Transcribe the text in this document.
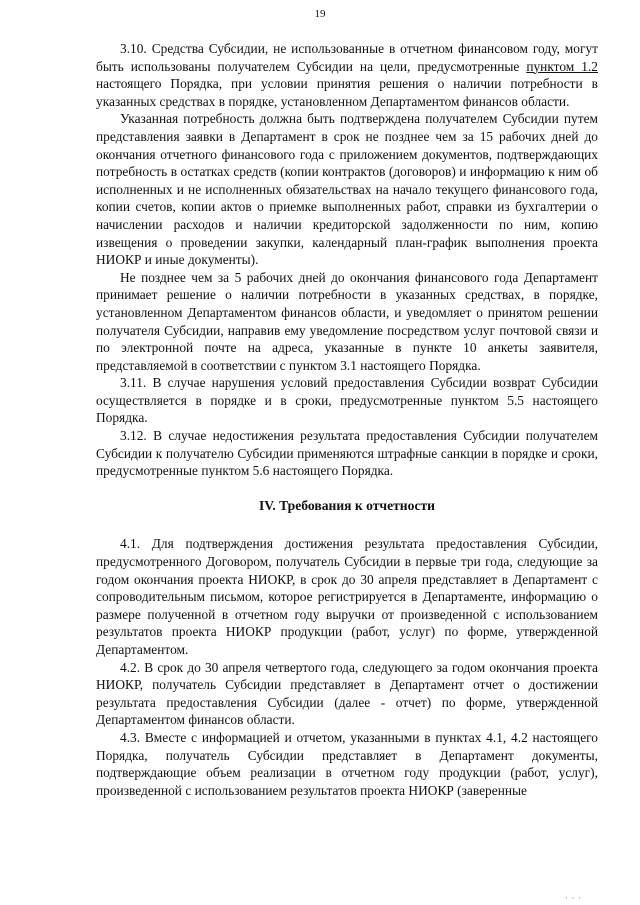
19

3.10. Средства Субсидии, не использованные в отчетном финансовом году, могут быть использованы получателем Субсидии на цели, предусмотренные пунктом 1.2 настоящего Порядка, при условии принятия решения о наличии потребности в указанных средствах в порядке, установленном Департаментом финансов области.

Указанная потребность должна быть подтверждена получателем Субсидии путем представления заявки в Департамент в срок не позднее чем за 15 рабочих дней до окончания отчетного финансового года с приложением документов, подтверждающих потребность в остатках средств (копии контрактов (договоров) и информацию к ним об исполненных и не исполненных обязательствах на начало текущего финансового года, копии счетов, копии актов о приемке выполненных работ, справки из бухгалтерии о начислении расходов и наличии кредиторской задолженности по ним, копию извещения о проведении закупки, календарный план-график выполнения проекта НИОКР и иные документы).

Не позднее чем за 5 рабочих дней до окончания финансового года Департамент принимает решение о наличии потребности в указанных средствах, в порядке, установленном Департаментом финансов области, и уведомляет о принятом решении получателя Субсидии, направив ему уведомление посредством услуг почтовой связи и по электронной почте на адреса, указанные в пункте 10 анкеты заявителя, представляемой в соответствии с пунктом 3.1 настоящего Порядка.

3.11. В случае нарушения условий предоставления Субсидии возврат Субсидии осуществляется в порядке и в сроки, предусмотренные пунктом 5.5 настоящего Порядка.

3.12. В случае недостижения результата предоставления Субсидии получателем Субсидии к получателю Субсидии применяются штрафные санкции в порядке и сроки, предусмотренные пунктом 5.6 настоящего Порядка.

IV. Требования к отчетности

4.1. Для подтверждения достижения результата предоставления Субсидии, предусмотренного Договором, получатель Субсидии в первые три года, следующие за годом окончания проекта НИОКР, в срок до 30 апреля представляет в Департамент с сопроводительным письмом, которое регистрируется в Департаменте, информацию о размере полученной в отчетном году выручки от произведенной с использованием результатов проекта НИОКР продукции (работ, услуг) по форме, утвержденной Департаментом.

4.2. В срок до 30 апреля четвертого года, следующего за годом окончания проекта НИОКР, получатель Субсидии представляет в Департамент отчет о достижении результата предоставления Субсидии (далее - отчет) по форме, утвержденной Департаментом финансов области.

4.3. Вместе с информацией и отчетом, указанными в пунктах 4.1, 4.2 настоящего Порядка, получатель Субсидии представляет в Департамент документы, подтверждающие объем реализации в отчетном году продукции (работ, услуг), произведенной с использованием результатов проекта НИОКР (заверенные

· · ·
